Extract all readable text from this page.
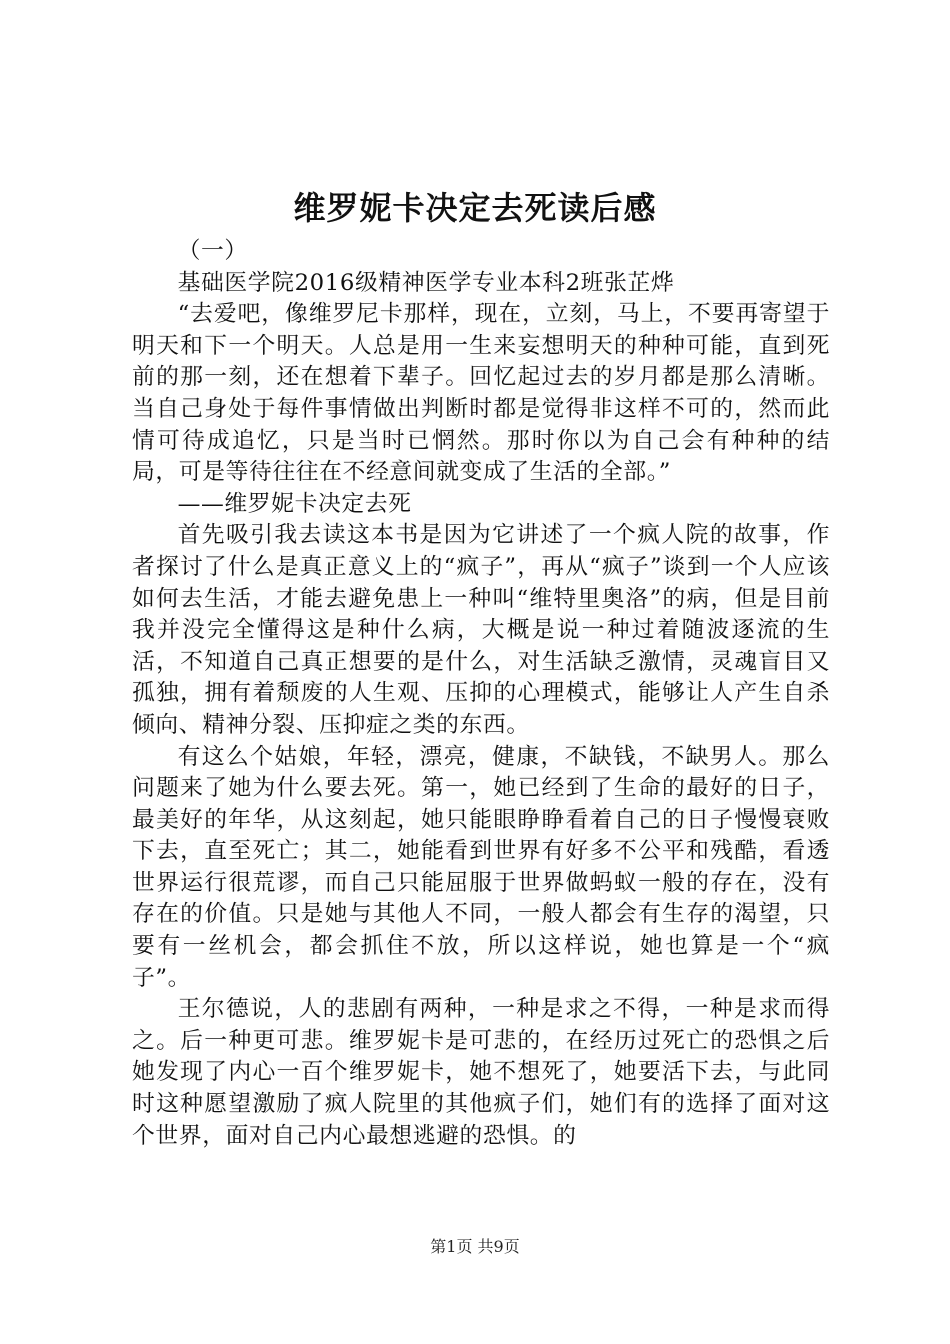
维罗妮卡决定去死读后感

（一）

基础医学院2016级精神医学专业本科2班张芷烨

“去爱吧，像维罗尼卡那样，现在，立刻，马上，不要再寄望于明天和下一个明天。人总是用一生来妄想明天的种种可能，直到死前的那一刻，还在想着下辈子。回忆起过去的岁月都是那么清晰。当自己身处于每件事情做出判断时都是觉得非这样不可的，然而此情可待成追忆，只是当时已惘然。那时你以为自己会有种种的结局，可是等待往往在不经意间就变成了生活的全部。”

——维罗妮卡决定去死

首先吸引我去读这本书是因为它讲述了一个疯人院的故事，作者探讨了什么是真正意义上的“疯子”，再从“疯子”谈到一个人应该如何去生活，才能去避免患上一种叫“维特里奥洛”的病，但是目前我并没完全懂得这是种什么病，大概是说一种过着随波逐流的生活，不知道自己真正想要的是什么，对生活缺乏激情，灵魂盲目又孤独，拥有着颓废的人生观、压抑的心理模式，能够让人产生自杀倾向、精神分裂、压抑症之类的东西。

有这么个姑娘，年轻，漂亮，健康，不缺钱，不缺男人。那么问题来了她为什么要去死。第一，她已经到了生命的最好的日子，最美好的年华，从这刻起，她只能眼睁睁看着自己的日子慢慢衰败下去，直至死亡；其二，她能看到世界有好多不公平和残酷，看透世界运行很荒谬，而自己只能屈服于世界做蚂蚁一般的存在，没有存在的价值。只是她与其他人不同，一般人都会有生存的渴望，只要有一丝机会，都会抓住不放，所以这样说，她也算是一个“疯子”。

王尔德说，人的悲剧有两种，一种是求之不得，一种是求而得之。后一种更可悲。维罗妮卡是可悲的，在经历过死亡的恐惧之后她发现了内心一百个维罗妮卡，她不想死了，她要活下去，与此同时这种愿望激励了疯人院里的其他疯子们，她们有的选择了面对这个世界，面对自己内心最想逃避的恐惧。的

第1页 共9页
